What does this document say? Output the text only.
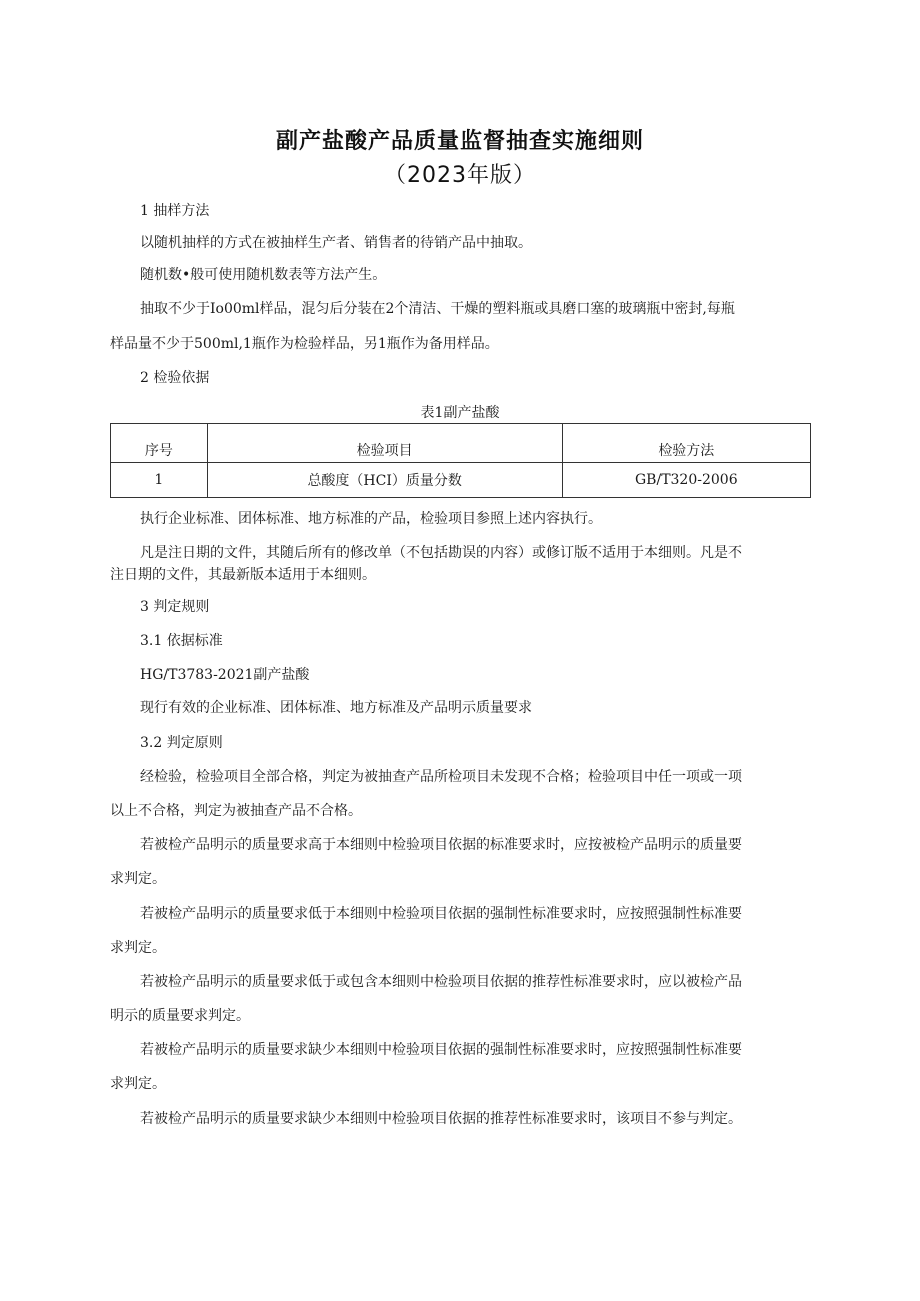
副产盐酸产品质量监督抽查实施细则
（2023年版）
1 抽样方法
以随机抽样的方式在被抽样生产者、销售者的待销产品中抽取。
随机数•般可使用随机数表等方法产生。
抽取不少于Io00ml样品，混匀后分装在2个清洁、干燥的塑料瓶或具磨口塞的玻璃瓶中密封,每瓶
样品量不少于500ml,1瓶作为检验样品，另1瓶作为备用样品。
2 检验依据
表1副产盐酸
序号	检验项目	检验方法
1	总酸度（HCI）质量分数	GB/T320-2006
执行企业标准、团体标准、地方标准的产品，检验项目参照上述内容执行。
凡是注日期的文件，其随后所有的修改单（不包括勘误的内容）或修订版不适用于本细则。凡是不
注日期的文件，其最新版本适用于本细则。
3 判定规则
3.1 依据标准
HG/T3783-2021副产盐酸
现行有效的企业标准、团体标准、地方标准及产品明示质量要求
3.2 判定原则
经检验，检验项目全部合格，判定为被抽查产品所检项目未发现不合格；检验项目中任一项或一项
以上不合格，判定为被抽查产品不合格。
若被检产品明示的质量要求高于本细则中检验项目依据的标准要求时，应按被检产品明示的质量要
求判定。
若被检产品明示的质量要求低于本细则中检验项目依据的强制性标准要求时，应按照强制性标准要
求判定。
若被检产品明示的质量要求低于或包含本细则中检验项目依据的推荐性标准要求时，应以被检产品
明示的质量要求判定。
若被检产品明示的质量要求缺少本细则中检验项目依据的强制性标准要求时，应按照强制性标准要
求判定。
若被检产品明示的质量要求缺少本细则中检验项目依据的推荐性标准要求时，该项目不参与判定。
